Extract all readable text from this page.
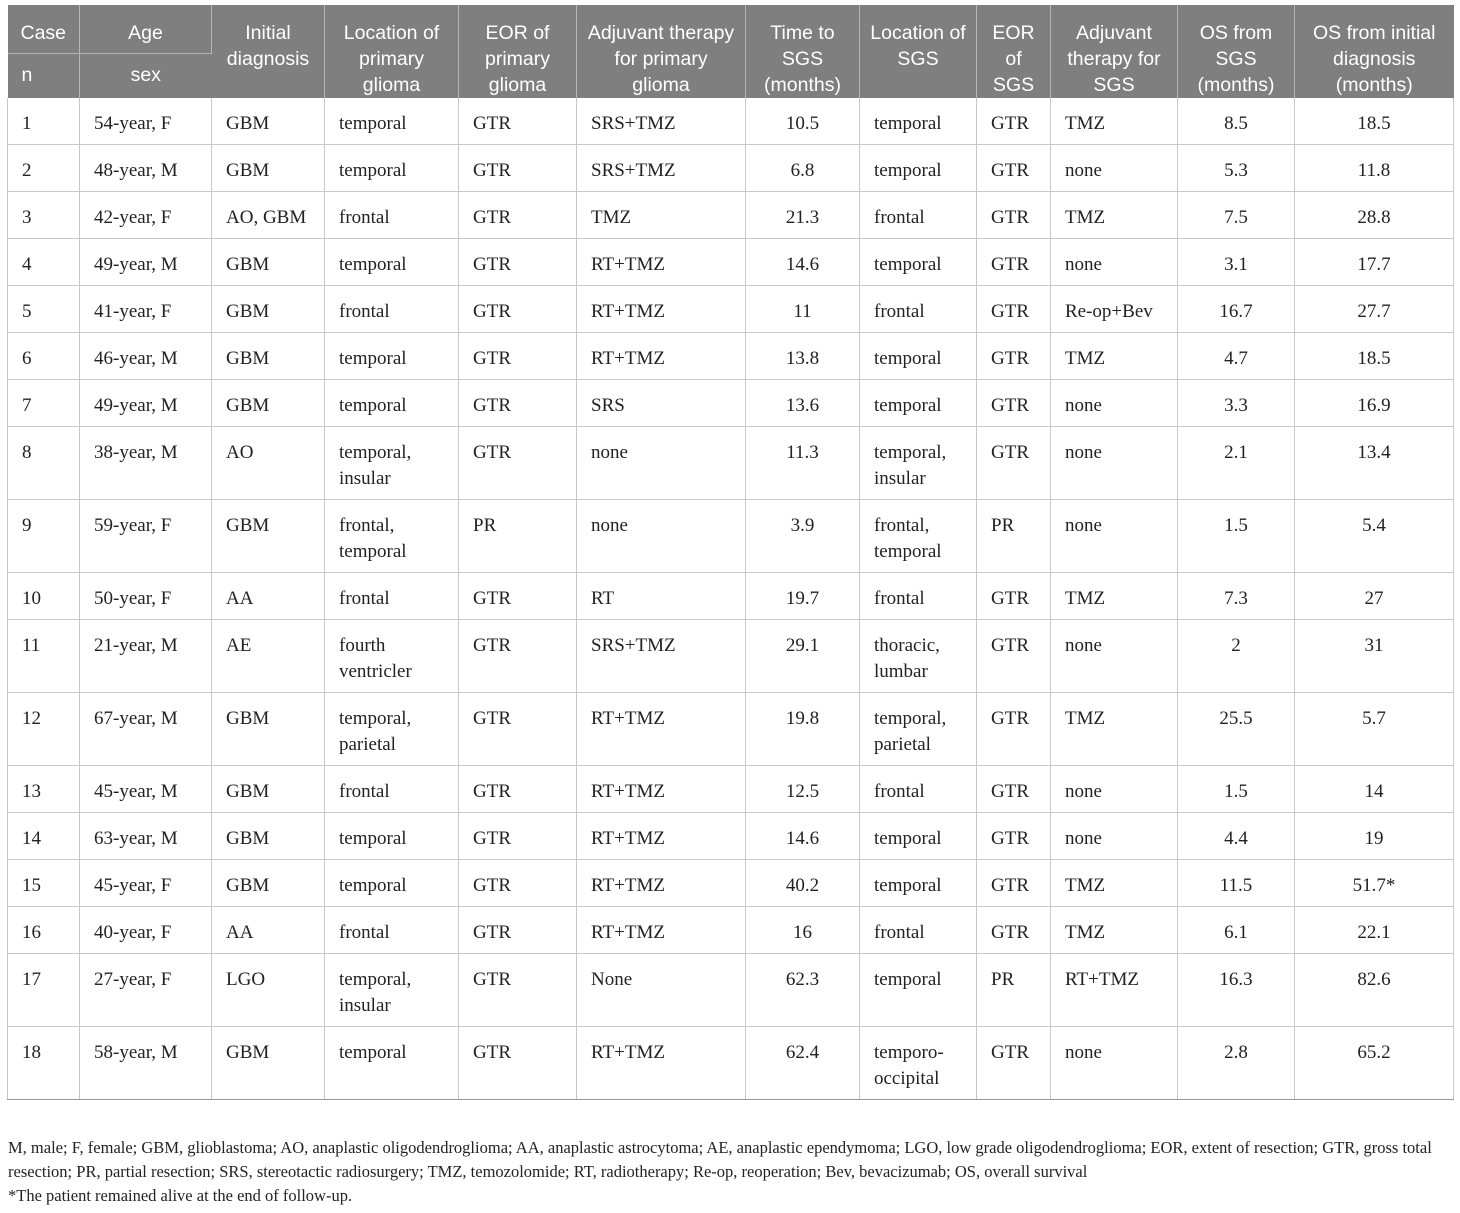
Case	Age	Initial diagnosis	Location of primary glioma	EOR of primary glioma	Adjuvant therapy for primary glioma	Time to SGS (months)	Location of SGS	EOR of SGS	Adjuvant therapy for SGS	OS from SGS (months)	OS from initial diagnosis (months)
n	sex										
1	54-year, F	GBM	temporal	GTR	SRS+TMZ	10.5	temporal	GTR	TMZ	8.5	18.5
2	48-year, M	GBM	temporal	GTR	SRS+TMZ	6.8	temporal	GTR	none	5.3	11.8
3	42-year, F	AO, GBM	frontal	GTR	TMZ	21.3	frontal	GTR	TMZ	7.5	28.8
4	49-year, M	GBM	temporal	GTR	RT+TMZ	14.6	temporal	GTR	none	3.1	17.7
5	41-year, F	GBM	frontal	GTR	RT+TMZ	11	frontal	GTR	Re-op+Bev	16.7	27.7
6	46-year, M	GBM	temporal	GTR	RT+TMZ	13.8	temporal	GTR	TMZ	4.7	18.5
7	49-year, M	GBM	temporal	GTR	SRS	13.6	temporal	GTR	none	3.3	16.9
8	38-year, M	AO	temporal, insular	GTR	none	11.3	temporal, insular	GTR	none	2.1	13.4
9	59-year, F	GBM	frontal, temporal	PR	none	3.9	frontal, temporal	PR	none	1.5	5.4
10	50-year, F	AA	frontal	GTR	RT	19.7	frontal	GTR	TMZ	7.3	27
11	21-year, M	AE	fourth ventricler	GTR	SRS+TMZ	29.1	thoracic, lumbar	GTR	none	2	31
12	67-year, M	GBM	temporal, parietal	GTR	RT+TMZ	19.8	temporal, parietal	GTR	TMZ	25.5	5.7
13	45-year, M	GBM	frontal	GTR	RT+TMZ	12.5	frontal	GTR	none	1.5	14
14	63-year, M	GBM	temporal	GTR	RT+TMZ	14.6	temporal	GTR	none	4.4	19
15	45-year, F	GBM	temporal	GTR	RT+TMZ	40.2	temporal	GTR	TMZ	11.5	51.7*
16	40-year, F	AA	frontal	GTR	RT+TMZ	16	frontal	GTR	TMZ	6.1	22.1
17	27-year, F	LGO	temporal, insular	GTR	None	62.3	temporal	PR	RT+TMZ	16.3	82.6
18	58-year, M	GBM	temporal	GTR	RT+TMZ	62.4	temporo-occipital	GTR	none	2.8	65.2

M, male; F, female; GBM, glioblastoma; AO, anaplastic oligodendroglioma; AA, anaplastic astrocytoma; AE, anaplastic ependymoma; LGO, low grade oligodendroglioma; EOR, extent of resection; GTR, gross total resection; PR, partial resection; SRS, stereotactic radiosurgery; TMZ, temozolomide; RT, radiotherapy; Re-op, reoperation; Bev, bevacizumab; OS, overall survival

*The patient remained alive at the end of follow-up.
